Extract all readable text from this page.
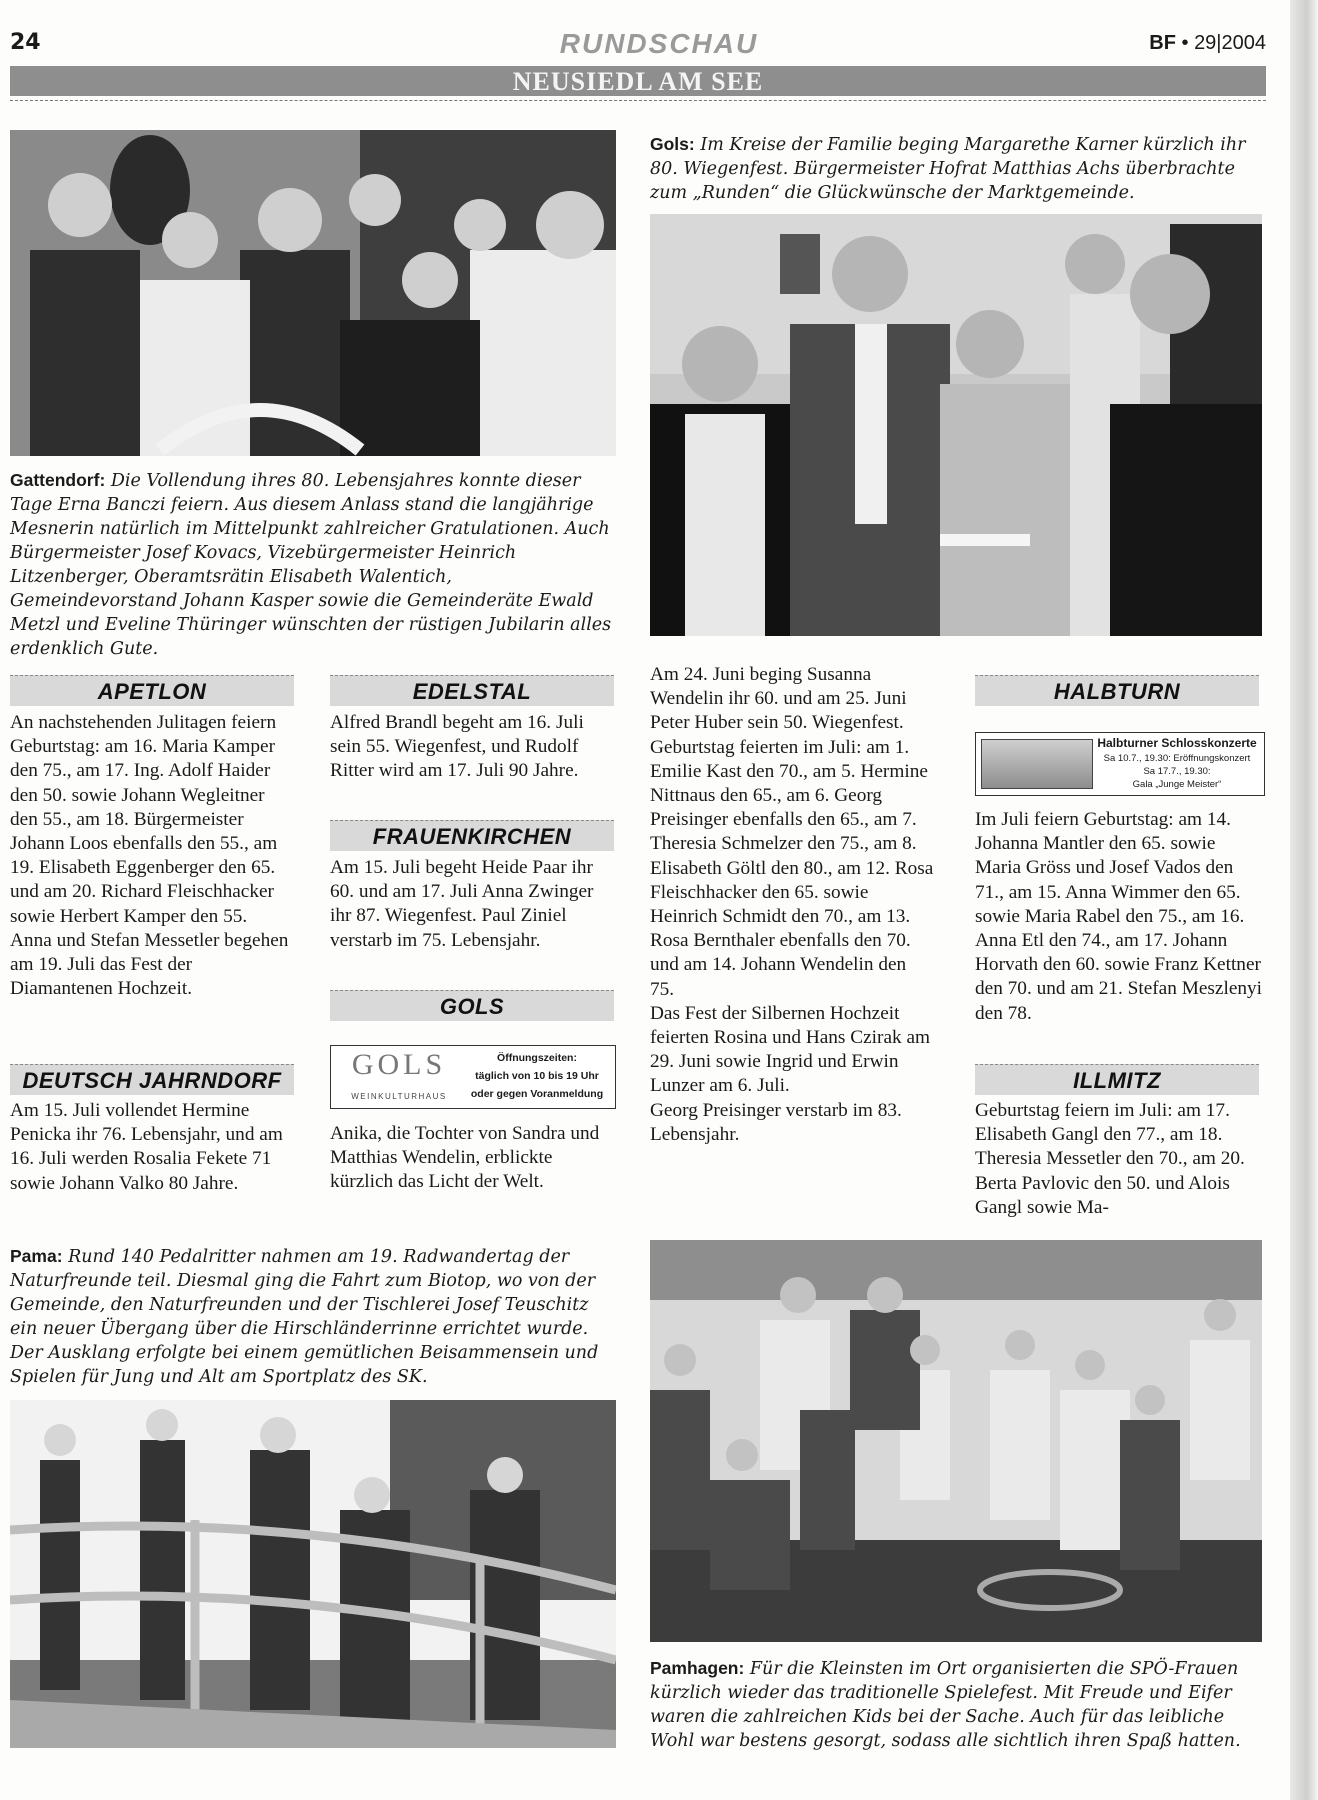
24	RUNDSCHAU	BF • 29|2004
NEUSIEDL AM SEE
Gattendorf: Die Vollendung ihres 80. Lebensjahres konnte dieser Tage Erna Banczi feiern. Aus diesem Anlass stand die langjährige Mesnerin natürlich im Mittelpunkt zahlreicher Gratulationen. Auch Bürgermeister Josef Kovacs, Vizebürgermeister Heinrich Litzenberger, Oberamtsrätin Elisabeth Walentich, Gemeindevorstand Johann Kasper sowie die Gemeinderäte Ewald Metzl und Eveline Thüringer wünschten der rüstigen Jubilarin alles erdenklich Gute.
Gols: Im Kreise der Familie beging Margarethe Karner kürzlich ihr 80. Wiegenfest. Bürgermeister Hofrat Matthias Achs überbrachte zum „Runden“ die Glückwünsche der Marktgemeinde.
APETLON
An nachstehenden Julitagen feiern Geburtstag: am 16. Maria Kamper den 75., am 17. Ing. Adolf Haider den 50. sowie Johann Wegleitner den 55., am 18. Bürgermeister Johann Loos ebenfalls den 55., am 19. Elisabeth Eggenberger den 65. und am 20. Richard Fleischhacker sowie Herbert Kamper den 55.
Anna und Stefan Messetler begehen am 19. Juli das Fest der Diamantenen Hochzeit.
DEUTSCH JAHRNDORF
Am 15. Juli vollendet Hermine Penicka ihr 76. Lebensjahr, und am 16. Juli werden Rosalia Fekete 71 sowie Johann Valko 80 Jahre.
EDELSTAL
Alfred Brandl begeht am 16. Juli sein 55. Wiegenfest, und Rudolf Ritter wird am 17. Juli 90 Jahre.
FRAUENKIRCHEN
Am 15. Juli begeht Heide Paar ihr 60. und am 17. Juli Anna Zwinger ihr 87. Wiegenfest. Paul Ziniel verstarb im 75. Lebensjahr.
GOLS
GOLS
WEINKULTURHAUS
Öffnungszeiten:
täglich von 10 bis 19 Uhr
oder gegen Voranmeldung
Anika, die Tochter von Sandra und Matthias Wendelin, erblickte kürzlich das Licht der Welt.
Am 24. Juni beging Susanna Wendelin ihr 60. und am 25. Juni Peter Huber sein 50. Wiegenfest.
Geburtstag feierten im Juli: am 1. Emilie Kast den 70., am 5. Hermine Nittnaus den 65., am 6. Georg Preisinger ebenfalls den 65., am 7. Theresia Schmelzer den 75., am 8. Elisabeth Göltl den 80., am 12. Rosa Fleischhacker den 65. sowie Heinrich Schmidt den 70., am 13. Rosa Bernthaler ebenfalls den 70. und am 14. Johann Wendelin den 75.
Das Fest der Silbernen Hochzeit feierten Rosina und Hans Czirak am 29. Juni sowie Ingrid und Erwin Lunzer am 6. Juli.
Georg Preisinger verstarb im 83. Lebensjahr.
HALBTURN
Halbturner Schlosskonzerte
Sa 10.7., 19.30: Eröffnungskonzert
Sa 17.7., 19.30:
Gala „Junge Meister“
Im Juli feiern Geburtstag: am 14. Johanna Mantler den 65. sowie Maria Gröss und Josef Vados den 71., am 15. Anna Wimmer den 65. sowie Maria Rabel den 75., am 16. Anna Etl den 74., am 17. Johann Horvath den 60. sowie Franz Kettner den 70. und am 21. Stefan Meszlenyi den 78.
ILLMITZ
Geburtstag feiern im Juli: am 17. Elisabeth Gangl den 77., am 18. Theresia Messetler den 70., am 20. Berta Pavlovic den 50. und Alois Gangl sowie Ma-
Pama: Rund 140 Pedalritter nahmen am 19. Radwandertag der Naturfreunde teil. Diesmal ging die Fahrt zum Biotop, wo von der Gemeinde, den Naturfreunden und der Tischlerei Josef Teuschitz ein neuer Übergang über die Hirschländerrinne errichtet wurde. Der Ausklang erfolgte bei einem gemütlichen Beisammensein und Spielen für Jung und Alt am Sportplatz des SK.
Pamhagen: Für die Kleinsten im Ort organisierten die SPÖ-Frauen kürzlich wieder das traditionelle Spielefest. Mit Freude und Eifer waren die zahlreichen Kids bei der Sache. Auch für das leibliche Wohl war bestens gesorgt, sodass alle sichtlich ihren Spaß hatten.
